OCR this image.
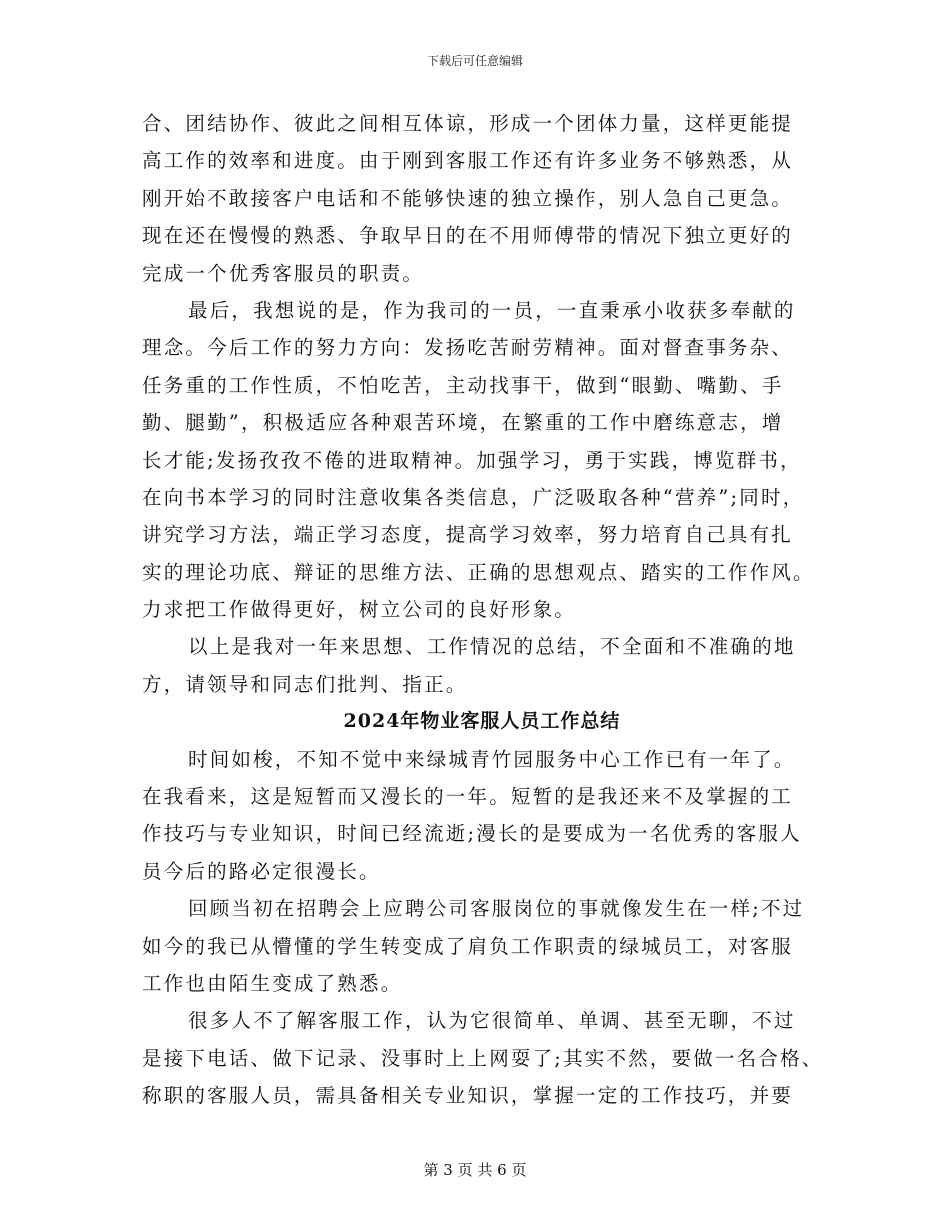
下载后可任意编辑
合、团结协作、彼此之间相互体谅，形成一个团体力量，这样更能提
高工作的效率和进度。由于刚到客服工作还有许多业务不够熟悉，从
刚开始不敢接客户电话和不能够快速的独立操作，别人急自己更急。
现在还在慢慢的熟悉、争取早日的在不用师傅带的情况下独立更好的
完成一个优秀客服员的职责。
最后，我想说的是，作为我司的一员，一直秉承小收获多奉献的
理念。今后工作的努力方向：发扬吃苦耐劳精神。面对督查事务杂、
任务重的工作性质，不怕吃苦，主动找事干，做到“眼勤、嘴勤、手
勤、腿勤”，积极适应各种艰苦环境，在繁重的工作中磨练意志，增
长才能;发扬孜孜不倦的进取精神。加强学习，勇于实践，博览群书，
在向书本学习的同时注意收集各类信息，广泛吸取各种“营养”;同时，
讲究学习方法，端正学习态度，提高学习效率，努力培育自己具有扎
实的理论功底、辩证的思维方法、正确的思想观点、踏实的工作作风。
力求把工作做得更好，树立公司的良好形象。
以上是我对一年来思想、工作情况的总结，不全面和不准确的地
方，请领导和同志们批判、指正。
2024年物业客服人员工作总结
时间如梭，不知不觉中来绿城青竹园服务中心工作已有一年了。
在我看来，这是短暂而又漫长的一年。短暂的是我还来不及掌握的工
作技巧与专业知识，时间已经流逝;漫长的是要成为一名优秀的客服人
员今后的路必定很漫长。
回顾当初在招聘会上应聘公司客服岗位的事就像发生在一样;不过
如今的我已从懵懂的学生转变成了肩负工作职责的绿城员工，对客服
工作也由陌生变成了熟悉。
很多人不了解客服工作，认为它很简单、单调、甚至无聊，不过
是接下电话、做下记录、没事时上上网耍了;其实不然，要做一名合格、
称职的客服人员，需具备相关专业知识，掌握一定的工作技巧，并要
第 3 页 共 6 页
